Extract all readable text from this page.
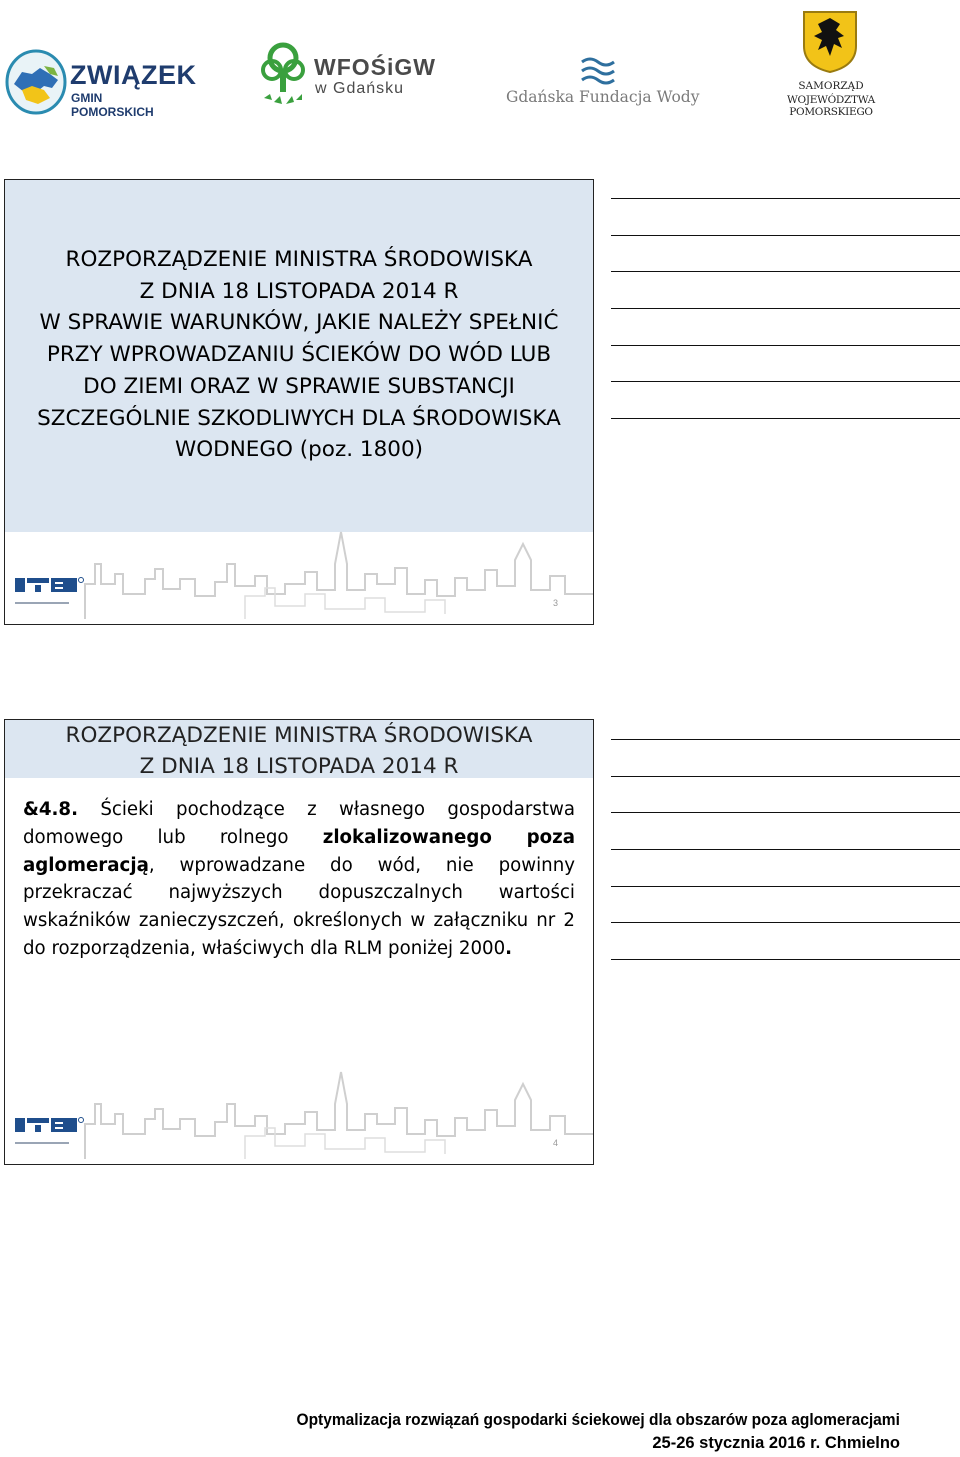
ZWIĄZEK
GMIN POMORSKICH
WFOŚiGW
w Gdańsku	Gdańska Fundacja Wody
SAMORZĄD
WOJEWÓDZTWA POMORSKIEGO
ROZPORZĄDZENIE MINISTRA ŚRODOWISKA
Z DNIA 18 LISTOPADA 2014 R
W SPRAWIE WARUNKÓW, JAKIE NALEŻY SPEŁNIĆ
PRZY WPROWADZANIU ŚCIEKÓW DO WÓD LUB
DO ZIEMI ORAZ W SPRAWIE SUBSTANCJI
SZCZEGÓLNIE SZKODLIWYCH DLA ŚRODOWISKA
WODNEGO (poz. 1800)
3
ROZPORZĄDZENIE MINISTRA ŚRODOWISKA
Z DNIA 18 LISTOPADA 2014 R
&4.8. Ścieki pochodzące z własnego gospodarstwa domowego lub rolnego zlokalizowanego poza aglomeracją, wprowadzane do wód, nie powinny przekraczać najwyższych dopuszczalnych wartości wskaźników zanieczyszczeń, określonych w załączniku nr 2 do rozporządzenia, właściwych dla RLM poniżej 2000.
4
Optymalizacja rozwiązań gospodarki ściekowej dla obszarów poza aglomeracjami
25-26 stycznia 2016 r. Chmielno
